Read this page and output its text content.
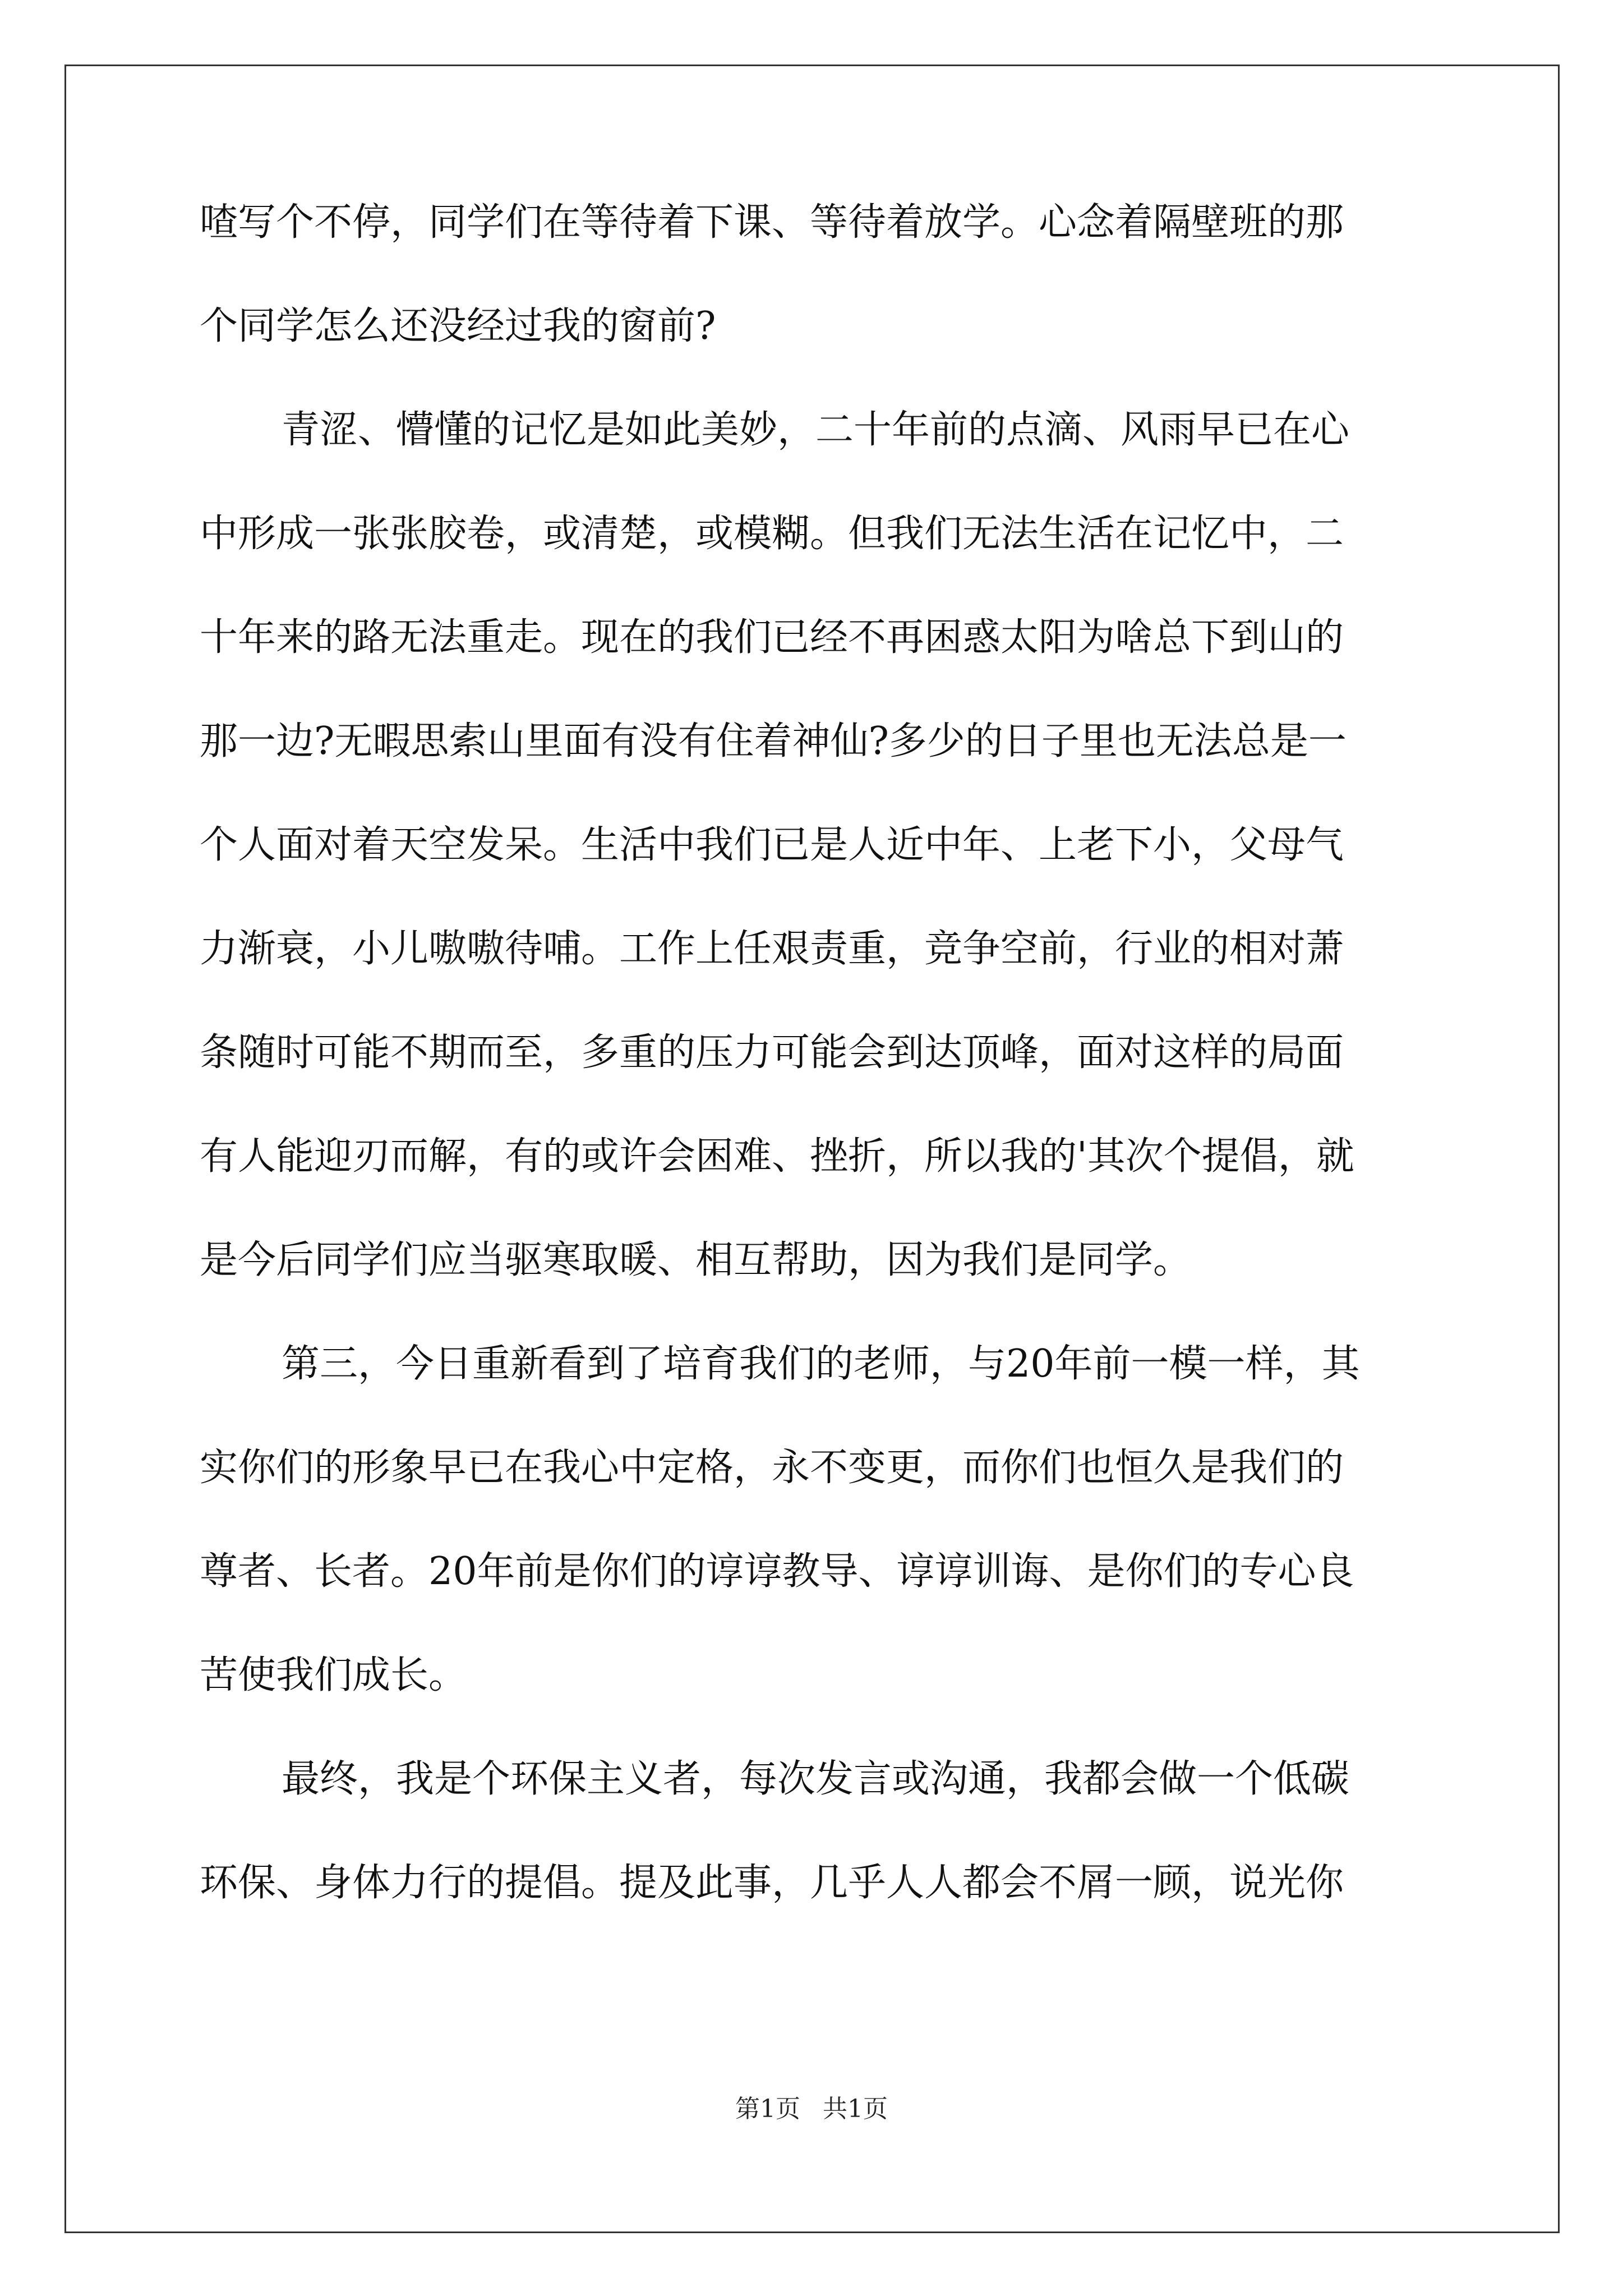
喳写个不停，同学们在等待着下课、等待着放学。心念着隔壁班的那
个同学怎么还没经过我的窗前?
青涩、懵懂的记忆是如此美妙，二十年前的点滴、风雨早已在心
中形成一张张胶卷，或清楚，或模糊。但我们无法生活在记忆中，二
十年来的路无法重走。现在的我们已经不再困惑太阳为啥总下到山的
那一边?无暇思索山里面有没有住着神仙?多少的日子里也无法总是一
个人面对着天空发呆。生活中我们已是人近中年、上老下小，父母气
力渐衰，小儿嗷嗷待哺。工作上任艰责重，竞争空前，行业的相对萧
条随时可能不期而至，多重的压力可能会到达顶峰，面对这样的局面
有人能迎刃而解，有的或许会困难、挫折，所以我的'其次个提倡，就
是今后同学们应当驱寒取暖、相互帮助，因为我们是同学。
第三，今日重新看到了培育我们的老师，与20年前一模一样，其
实你们的形象早已在我心中定格，永不变更，而你们也恒久是我们的
尊者、长者。20年前是你们的谆谆教导、谆谆训诲、是你们的专心良
苦使我们成长。
最终，我是个环保主义者，每次发言或沟通，我都会做一个低碳
环保、身体力行的提倡。提及此事，几乎人人都会不屑一顾，说光你
第1页 共1页
